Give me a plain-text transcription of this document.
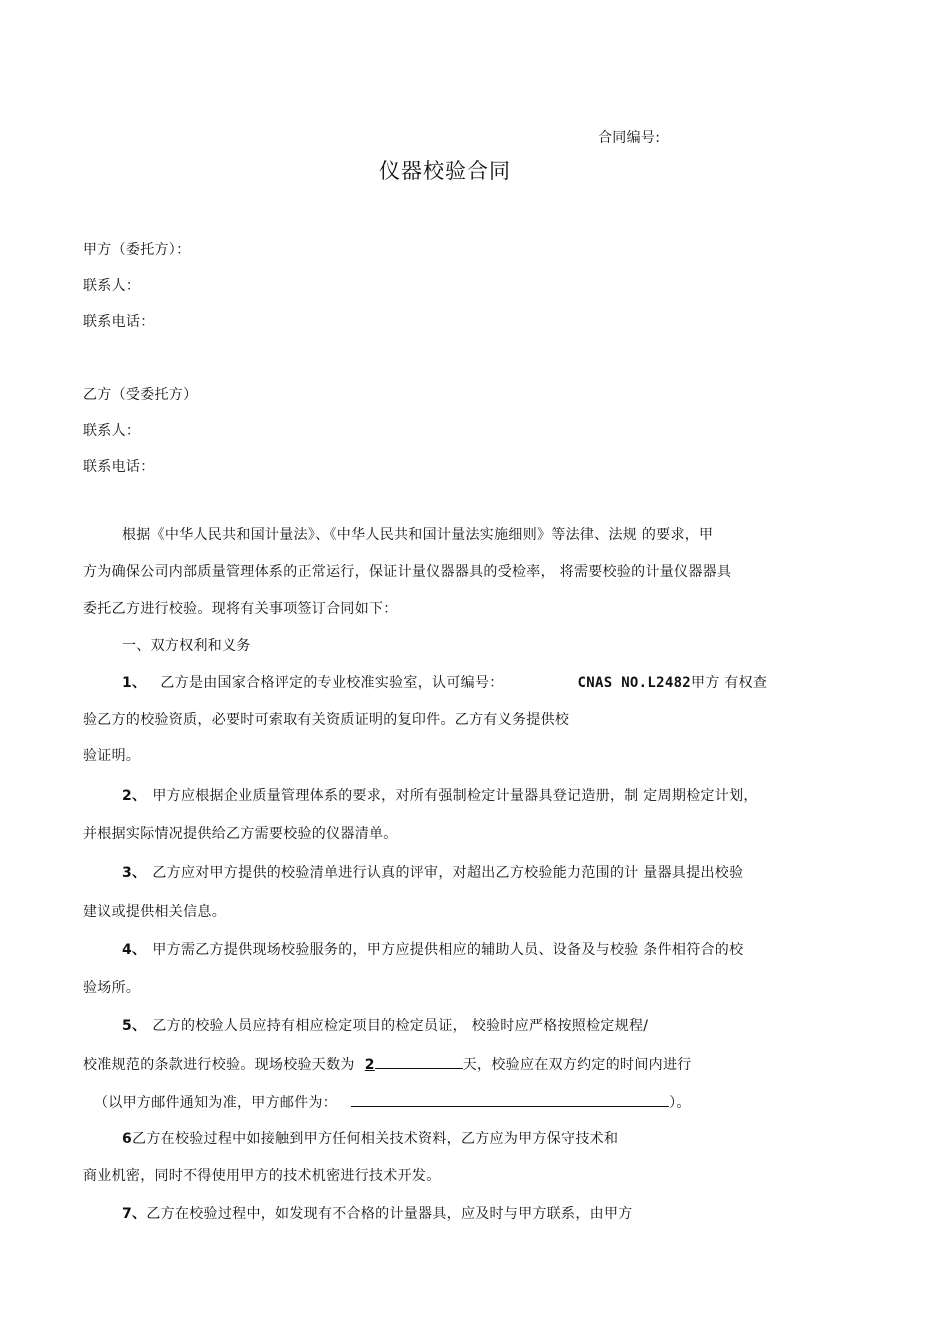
合同编号:
仪器校验合同
甲方（委托方）：
联系人：
联系电话：
乙方（受委托方）
联系人：
联系电话：
根据《中华人民共和国计量法》、《中华人民共和国计量法实施细则》等法律、法规 的要求，甲
方为确保公司内部质量管理体系的正常运行，保证计量仪器器具的受检率， 将需要校验的计量仪器器具
委托乙方进行校验。现将有关事项签订合同如下：
一、双方权利和义务
1、 乙方是由国家合格评定的专业校准实验室，认可编号：	CNAS NO.L2482甲方 有权查
验乙方的校验资质，必要时可索取有关资质证明的复印件。乙方有义务提供校
验证明。
2、 甲方应根据企业质量管理体系的要求，对所有强制检定计量器具登记造册，制 定周期检定计划，
并根据实际情况提供给乙方需要校验的仪器清单。
3、 乙方应对甲方提供的校验清单进行认真的评审，对超出乙方校验能力范围的计 量器具提出校验
建议或提供相关信息。
4、 甲方需乙方提供现场校验服务的，甲方应提供相应的辅助人员、设备及与校验 条件相符合的校
验场所。
5、 乙方的校验人员应持有相应检定项目的检定员证， 校验时应严格按照检定规程/
校准规范的条款进行校验。现场校验天数为 2	天，校验应在双方约定的时间内进行
（以甲方邮件通知为准，甲方邮件为：	）。
6乙方在校验过程中如接触到甲方任何相关技术资料，乙方应为甲方保守技术和
商业机密，同时不得使用甲方的技术机密进行技术开发。
7、乙方在校验过程中，如发现有不合格的计量器具，应及时与甲方联系，由甲方
